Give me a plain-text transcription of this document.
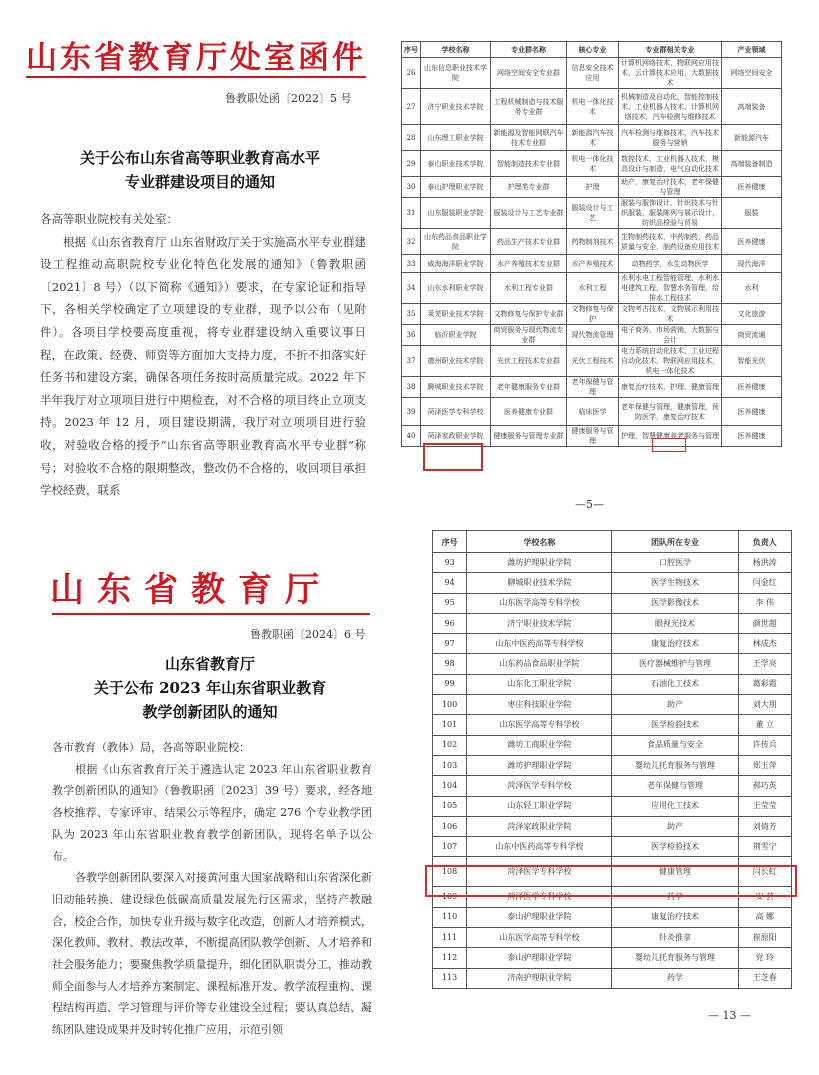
山东省教育厅处室函件
鲁教职处函〔2022〕5 号
关于公布山东省高等职业教育高水平
专业群建设项目的通知

各高等职业院校有关处室：

根据《山东省教育厅 山东省财政厅关于实施高水平专业群建设工程推动高职院校专业化特色化发展的通知》（鲁教职函〔2021〕8 号）（以下简称《通知》）要求，在专家论证和指导下，各相关学校确定了立项建设的专业群，现予以公布（见附件）。各项目学校要高度重视，将专业群建设纳入重要议事日程，在政策、经费、师资等方面加大支持力度，不折不扣落实好任务书和建设方案，确保各项任务按时高质量完成。2022 年下半年我厅对立项项目进行中期检查，对不合格的项目终止立项支持。2023 年 12 月，项目建设期满，我厅对立项项目进行验收，对验收合格的授予“山东省高等职业教育高水平专业群”称号；对验收不合格的限期整改，整改仍不合格的，收回项目承担学校经费，联系

序号	学校名称	专业群名称	核心专业	专业群相关专业	产业领域
26	山东信息职业技术学院	网络空间安全专业群	信息安全技术应用	计算机网络技术，物联网应用技术，云计算技术应用，大数据技术	网络空间安全
27	济宁职业技术学院	工程机械制造与技术服务专业群	机电一体化技术	机械制造及自动化，智能控制技术，工业机器人技术，计算机网络技术，汽车检测与维修技术	高端装备
28	山东理工职业学院	新能源及智能网联汽车技术专业群	新能源汽车技术	汽车检测与维修技术，汽车技术服务与营销	新能源汽车
29	泰山职业技术学院	智能制造技术专业群	机电一体化技术	数控技术，工业机器人技术，模具设计与制造，电气自动化技术	高端装备制造
30	泰山护理职业学院	护理类专业群	护理	助产，康复治疗技术，老年保健与管理	医养健康
31	山东服装职业学院	服装设计与工艺专业群	服装设计与工艺	服装与服饰设计，针织技术与针织服装，服装陈列与展示设计，纺织品检验与贸易	服装
32	山东药品食品职业学院	药品生产技术专业群	药物制剂技术	生物制药技术，中药制药，药品质量与安全，制药设备应用技术	医养健康
33	威海海洋职业学院	水产养殖技术专业群	水产养殖技术	动物药学，水生动物医学	现代海洋
34	山东水利职业学院	水利工程专业群	水利工程	水利水电工程智能管理，水利水电建筑工程，智慧水务管理，给排水工程技术	水利
35	莱芜职业技术学院	文物修复与保护专业群	文物修复与保护	文物考古技术，文物展示利用技术	文化旅游
36	临沂职业学院	商贸服务与现代物流专业群	现代物流管理	电子商务，市场营销，大数据与会计	商贸流通
37	德州职业技术学院	光伏工程技术专业群	光伏工程技术	电力系统自动化技术，工业过程自动化技术，物联网应用技术，机电一体化技术	智能光伏
38	聊城职业技术学院	老年健康服务专业群	老年保健与管理	康复治疗技术，护理，健康管理	医养健康
39	菏泽医学专科学校	医养健康专业群	临床医学	老年保健与管理，健康管理，预防医学，康复治疗技术	医养健康
40	菏泽家政职业学院	健康服务与管理专业群	健康服务与管理	护理，智慧健康养老服务与管理	医养健康
—5—
山东省教育厅
鲁教职函〔2024〕6 号
山东省教育厅
关于公布 2023 年山东省职业教育
教学创新团队的通知

各市教育（教体）局，各高等职业院校：

根据《山东省教育厅关于遴选认定 2023 年山东省职业教育教学创新团队的通知》（鲁教职函〔2023〕39 号）要求，经各地各校推荐、专家评审、结果公示等程序，确定 276 个专业教学团队为 2023 年山东省职业教育教学创新团队，现将名单予以公布。

各教学创新团队要深入对接黄河重大国家战略和山东省深化新旧动能转换、建设绿色低碳高质量发展先行区需求，坚持产教融合，校企合作，加快专业升级与数字化改造，创新人才培养模式，深化教师、教材、教法改革，不断提高团队教学创新、人才培养和社会服务能力；要聚焦教学质量提升，细化团队职责分工，推动教师全面参与人才培养方案制定、课程标准开发、教学流程重构、课程结构再造、学习管理与评价等专业建设全过程；要认真总结、凝练团队建设成果并及时转化推广应用，示范引领

序号	学校名称	团队所在专业	负责人
93	潍坊护理职业学院	口腔医学	杨洪涛
94	聊城职业技术学院	医学生物技术	闫金红
95	山东医学高等专科学校	医学影像技术	李 伟
96	济宁职业技术学院	眼视光技术	颜世超
97	山东中医药高等专科学校	康复治疗技术	林成杰
98	山东药品食品职业学院	医疗器械维护与管理	王学亮
99	山东化工职业学院	石油化工技术	葛彩霞
100	枣庄科技职业学院	助产	刘大朋
101	山东医学高等专科学校	医学检验技术	董 立
102	潍坊工商职业学院	食品质量与安全	许传兵
103	潍坊护理职业学院	婴幼儿托育服务与管理	郑玉萍
104	菏泽医学专科学校	老年保健与管理	郝巧英
105	山东轻工职业学院	应用化工技术	王莹莹
106	菏泽家政职业学院	助产	刘倩芳
107	山东中医药高等专科学校	医学检验技术	荆雪宁
108	菏泽医学专科学校	健康管理	闫长虹
109	菏泽医学专科学校	药学	安 芸
110	泰山护理职业学院	康复治疗技术	高 娜
111	山东医学高等专科学校	针灸推拿	崔原阳
112	泰山护理职业学院	婴幼儿托育服务与管理	党 玲
113	济南护理职业学院	药学	王芝春
— 13 —
